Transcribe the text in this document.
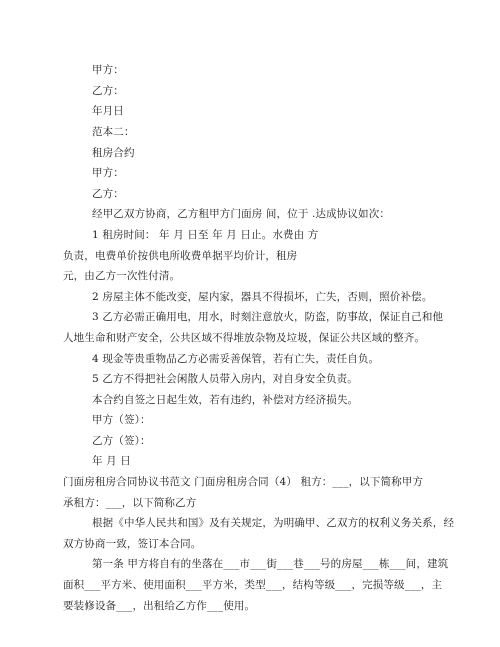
甲方：
乙方：
年月日
范本二：
租房合约
甲方：
乙方：
经甲乙双方协商，乙方租甲方门面房 间，位于 .达成协议如次：
1 租房时间： 年 月 日至 年 月 日止。水费由 方
负责，电费单价按供电所收费单据平均价计，租房
元，由乙方一次性付清。
2 房屋主体不能改变，屋内家，器具不得损坏，亡失，否则，照价补偿。
3 乙方必需正确用电，用水，时刻注意放火，防盗，防事故，保证自己和他
人地生命和财产安全，公共区域不得堆放杂物及垃圾，保证公共区域的整齐。
4 现金等贵重物品乙方必需妥善保管，若有亡失，责任自负。
5 乙方不得把社会闲散人员带入房内，对自身安全负责。
本合约自签之日起生效，若有违约，补偿对方经济损失。
甲方（签）：
乙方（签）：
年 月 日
门面房租房合同协议书范文 门面房租房合同（4） 租方：___，以下简称甲方
承租方：___，以下简称乙方
根据《中华人民共和国》及有关规定，为明确甲、乙双方的权利义务关系，经
双方协商一致，签订本合同。
第一条 甲方将自有的坐落在___市___街___巷___号的房屋___栋___间，建筑
面积___平方米、使用面积___平方米，类型___，结构等级___，完损等级___，主
要装修设备___，出租给乙方作___使用。
